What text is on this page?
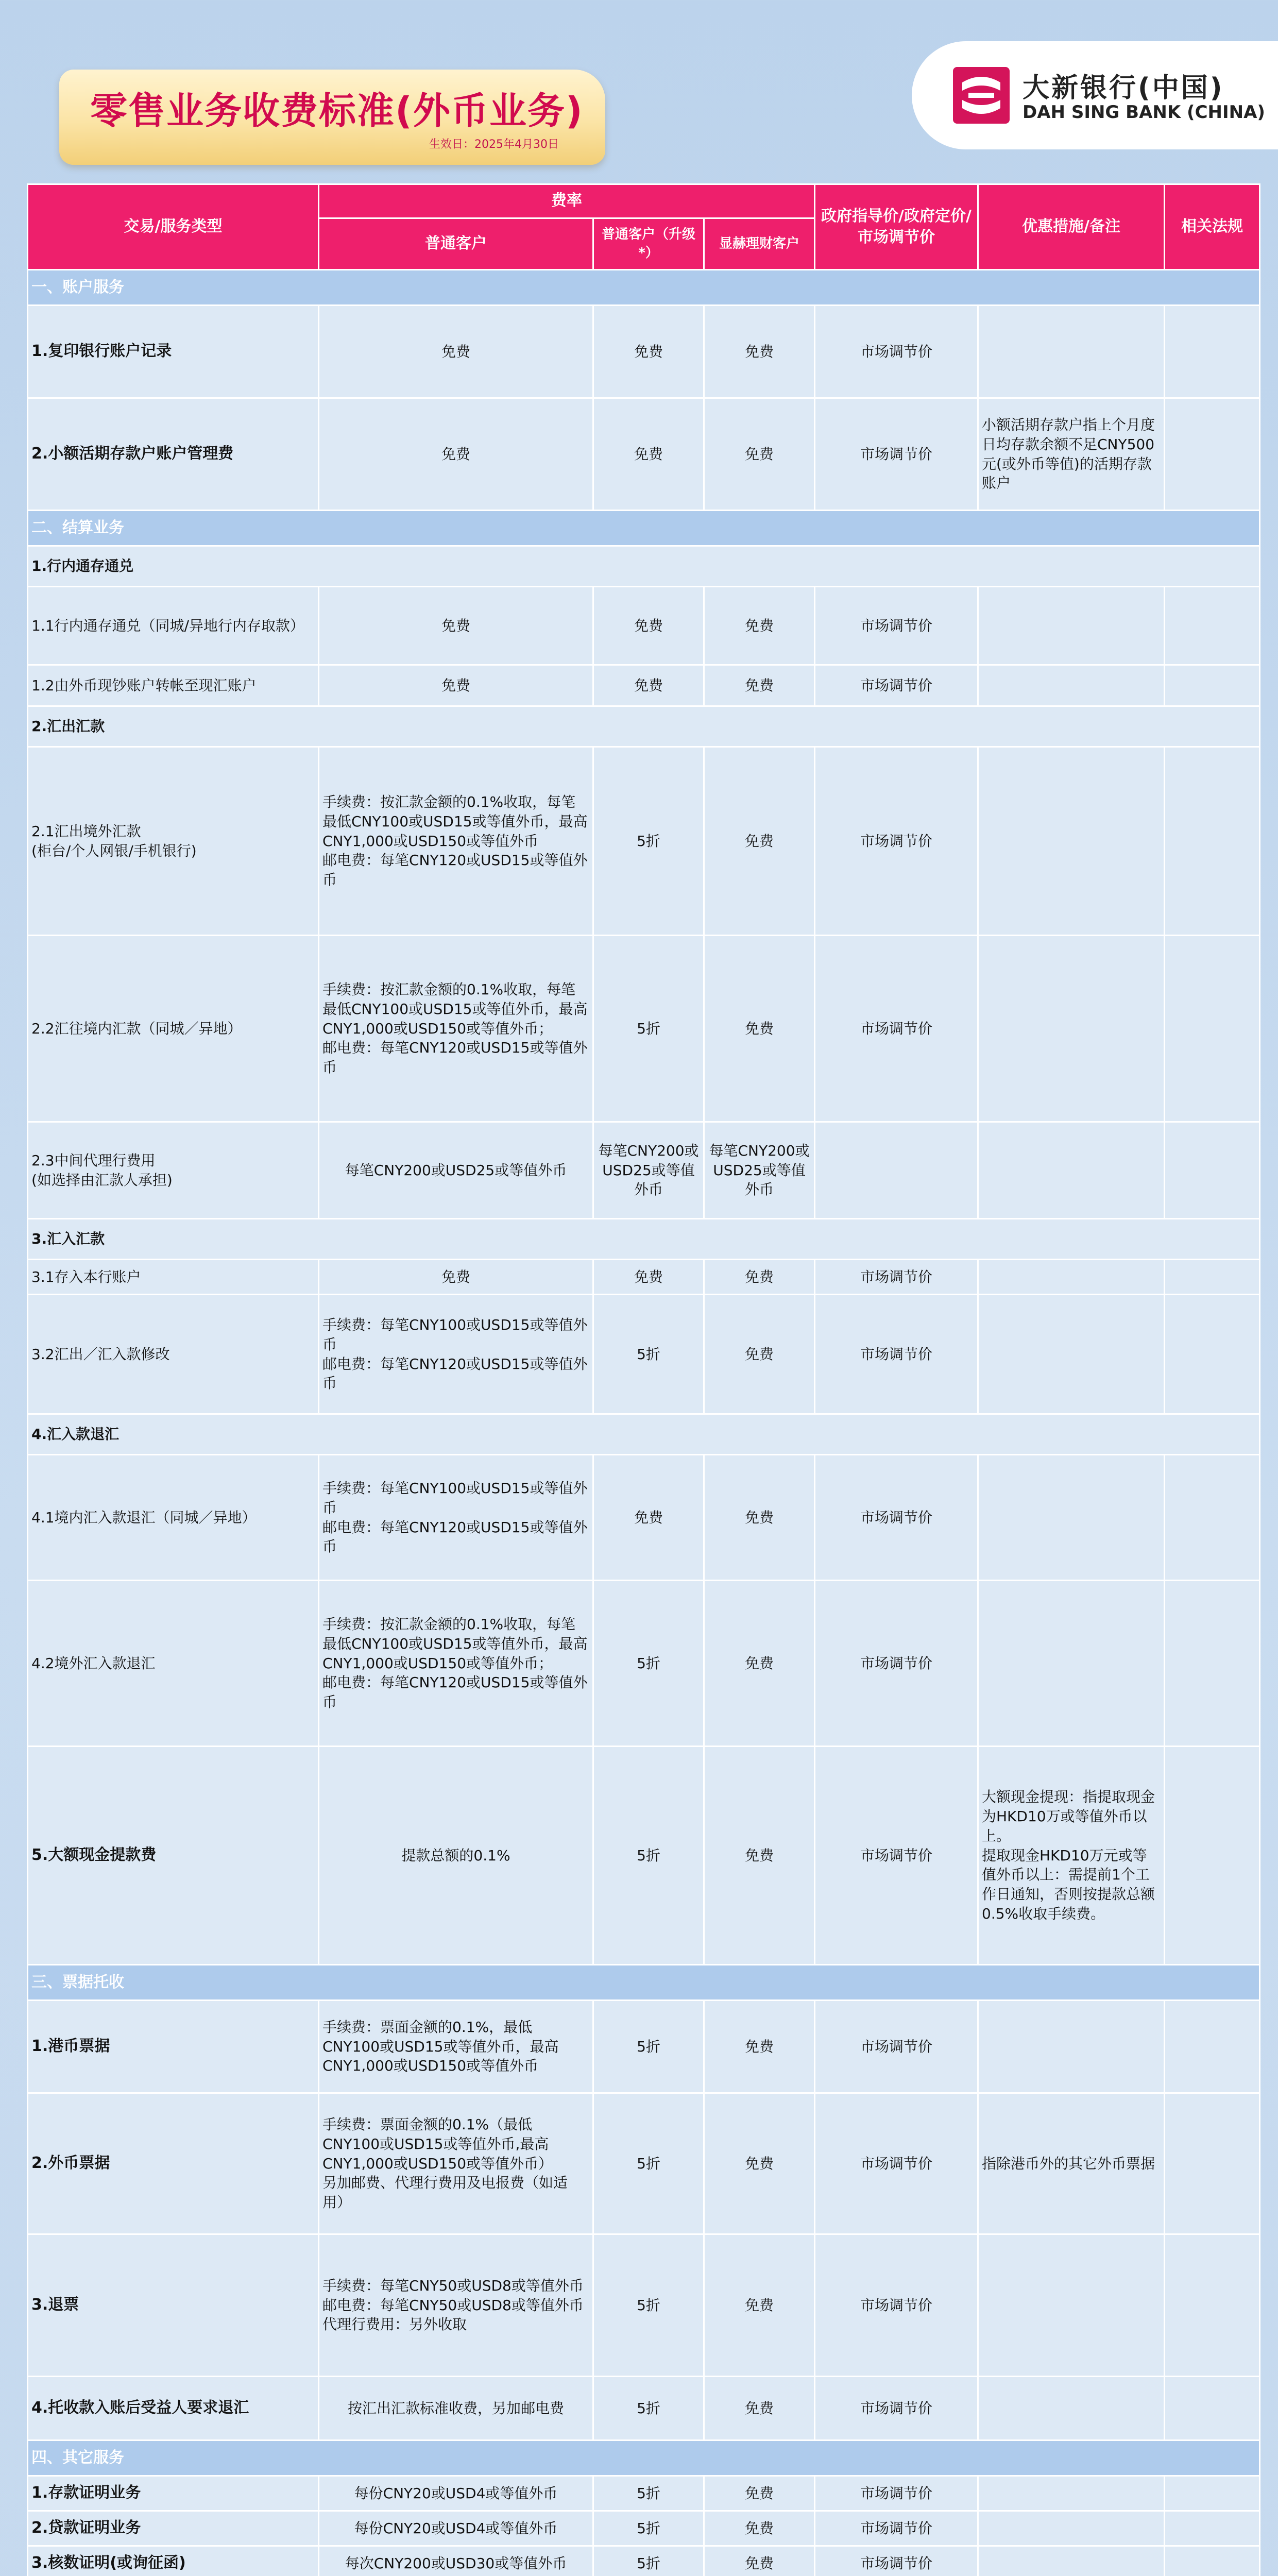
零售业务收费标准(外币业务)
生效日：2025年4月30日
大新银行(中国)
DAH SING BANK (CHINA)
交易/服务类型	费率			政府指导价/政府定价/市场调节价	优惠措施/备注	相关法规
	普通客户	普通客户（升级*）	显赫理财客户			
一、账户服务						
1.复印银行账户记录	免费	免费	免费	市场调节价		
2.小额活期存款户账户管理费	免费	免费	免费	市场调节价	小额活期存款户指上个月度日均存款余额不足CNY500元(或外币等值)的活期存款账户	
二、结算业务						
1.行内通存通兑						
1.1行内通存通兑（同城/异地行内存取款）	免费	免费	免费	市场调节价		
1.2由外币现钞账户转帐至现汇账户	免费	免费	免费	市场调节价		
2.汇出汇款						
2.1汇出境外汇款
(柜台/个人网银/手机银行)	手续费：按汇款金额的0.1%收取，每笔最低CNY100或USD15或等值外币，最高CNY1,000或USD150或等值外币
邮电费：每笔CNY120或USD15或等值外币	5折	免费	市场调节价		
2.2汇往境内汇款（同城／异地）	手续费：按汇款金额的0.1%收取，每笔最低CNY100或USD15或等值外币，最高CNY1,000或USD150或等值外币；
邮电费：每笔CNY120或USD15或等值外币	5折	免费	市场调节价		
2.3中间代理行费用
(如选择由汇款人承担)	每笔CNY200或USD25或等值外币	每笔CNY200或USD25或等值外币	每笔CNY200或USD25或等值外币			
3.汇入汇款						
3.1存入本行账户	免费	免费	免费	市场调节价		
3.2汇出／汇入款修改	手续费：每笔CNY100或USD15或等值外币
邮电费：每笔CNY120或USD15或等值外币	5折	免费	市场调节价		
4.汇入款退汇						
4.1境内汇入款退汇（同城／异地）	手续费：每笔CNY100或USD15或等值外币
邮电费：每笔CNY120或USD15或等值外币	免费	免费	市场调节价		
4.2境外汇入款退汇	手续费：按汇款金额的0.1%收取，每笔最低CNY100或USD15或等值外币，最高CNY1,000或USD150或等值外币；
邮电费：每笔CNY120或USD15或等值外币	5折	免费	市场调节价		
5.大额现金提款费	提款总额的0.1%	5折	免费	市场调节价	大额现金提现：指提取现金为HKD10万或等值外币以上。
提取现金HKD10万元或等值外币以上：需提前1个工作日通知，否则按提款总额0.5%收取手续费。	
三、票据托收						
1.港币票据	手续费：票面金额的0.1%，最低CNY100或USD15或等值外币，最高CNY1,000或USD150或等值外币	5折	免费	市场调节价		
2.外币票据	手续费：票面金额的0.1%（最低CNY100或USD15或等值外币,最高CNY1,000或USD150或等值外币）
另加邮费、代理行费用及电报费（如适用）	5折	免费	市场调节价	指除港币外的其它外币票据	
3.退票	手续费：每笔CNY50或USD8或等值外币
邮电费：每笔CNY50或USD8或等值外币
代理行费用：另外收取	5折	免费	市场调节价		
4.托收款入账后受益人要求退汇	按汇出汇款标准收费，另加邮电费	5折	免费	市场调节价		
四、其它服务						
1.存款证明业务	每份CNY20或USD4或等值外币	5折	免费	市场调节价		
2.贷款证明业务	每份CNY20或USD4或等值外币	5折	免费	市场调节价		
3.核数证明(或询征函)	每次CNY200或USD30或等值外币	5折	免费	市场调节价		
